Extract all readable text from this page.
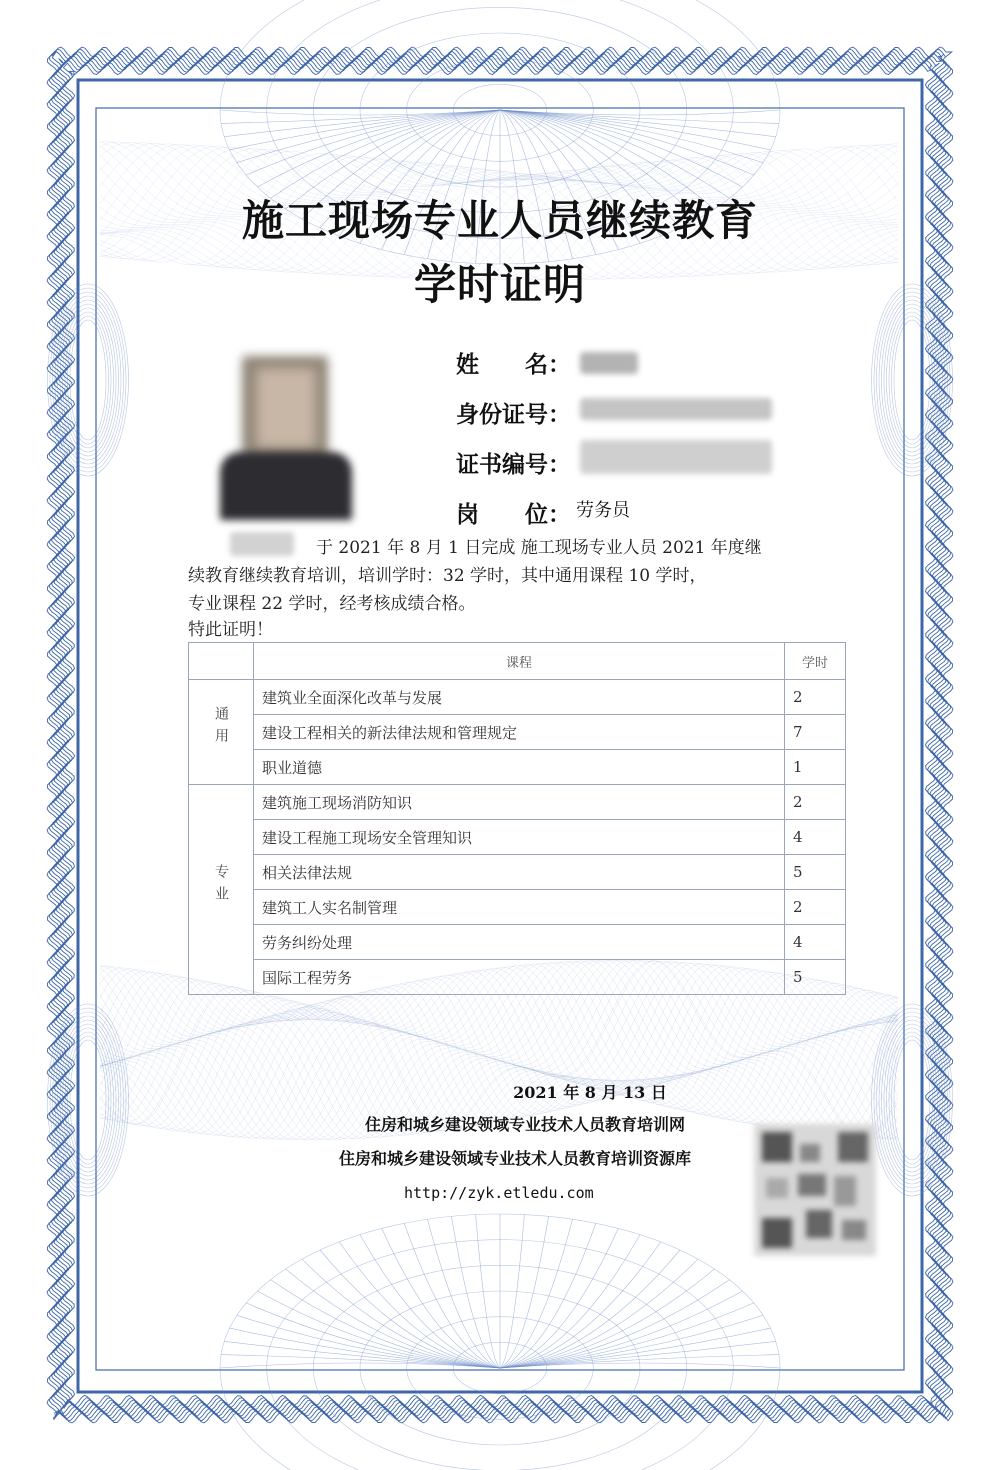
施工现场专业人员继续教育
学时证明
姓　　名：
身份证号：
证书编号：
岗　　位： 劳务员
于 2021 年 8 月 1 日完成 施工现场专业人员 2021 年度继
续教育继续教育培训，培训学时：32 学时，其中通用课程 10 学时，
专业课程 22 学时，经考核成绩合格。
特此证明！
	课程	学时
通用	建筑业全面深化改革与发展	2
	建设工程相关的新法律法规和管理规定	7
	职业道德	1
专业	建筑施工现场消防知识	2
	建设工程施工现场安全管理知识	4
	相关法律法规	5
	建筑工人实名制管理	2
	劳务纠纷处理	4
	国际工程劳务	5
2021 年 8 月 13 日
住房和城乡建设领域专业技术人员教育培训网
住房和城乡建设领域专业技术人员教育培训资源库
http://zyk.etledu.com
